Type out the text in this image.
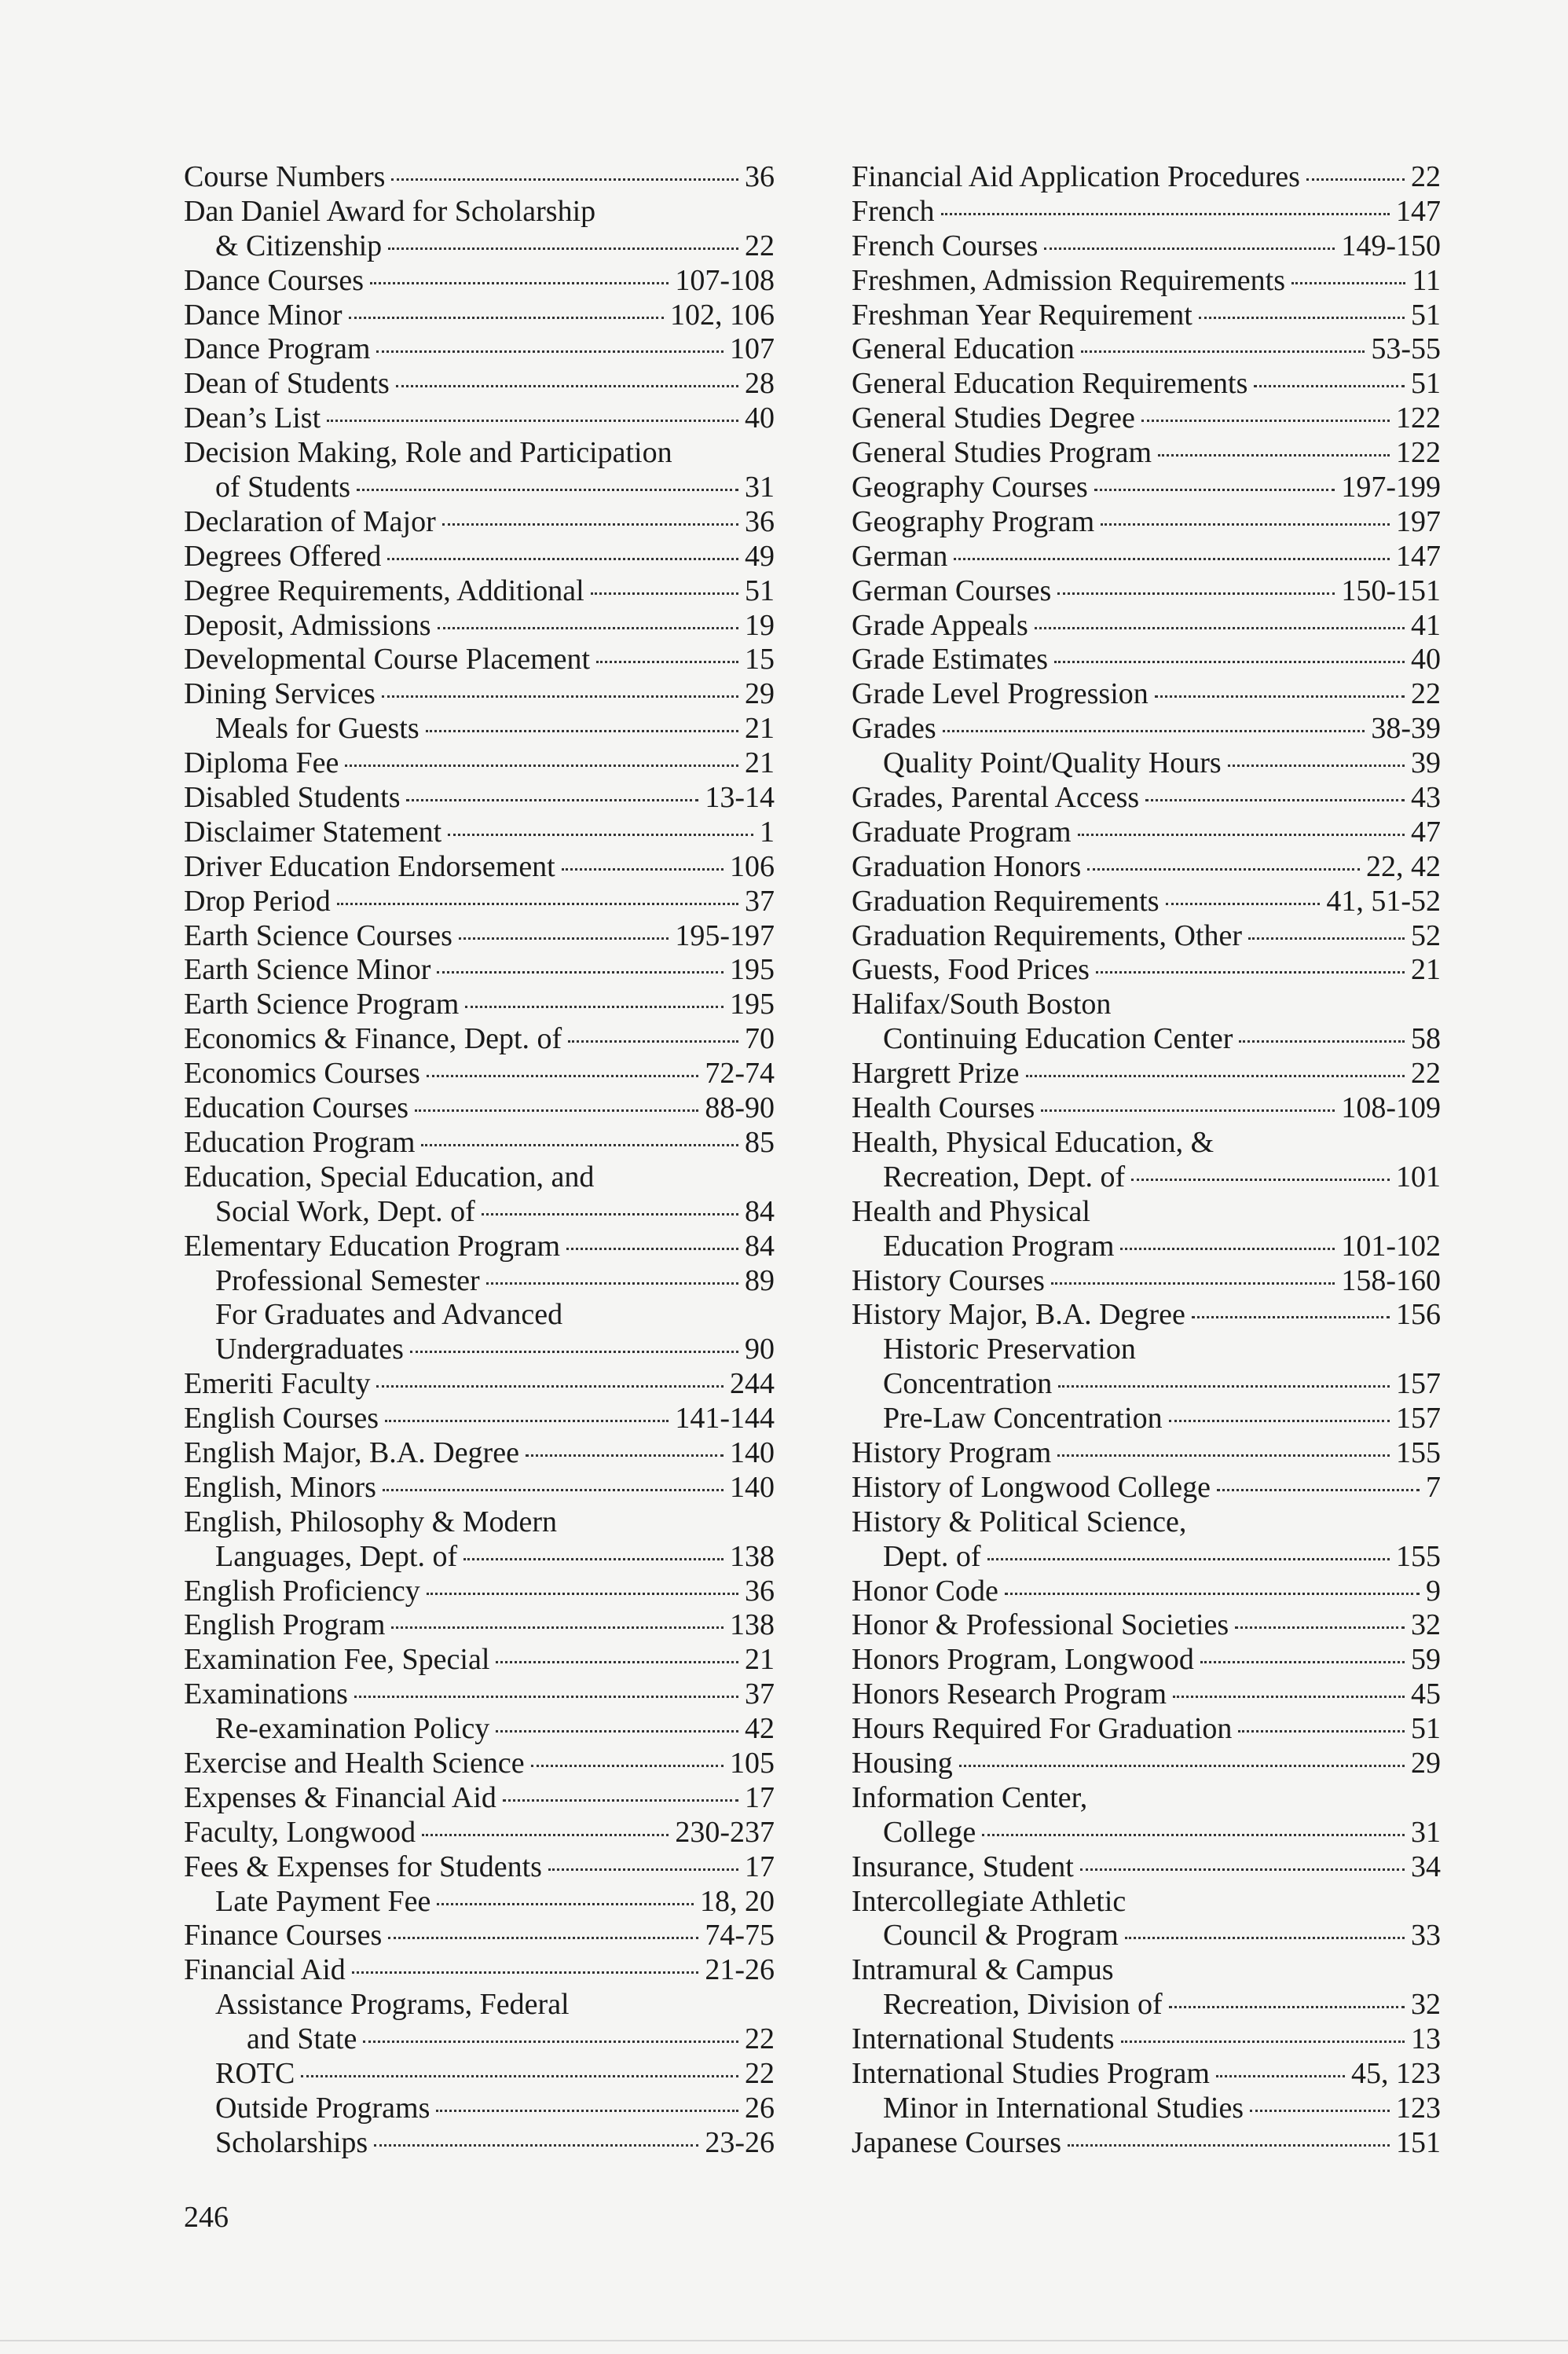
Course Numbers	36
Dan Daniel Award for Scholarship
& Citizenship	22
Dance Courses	107-108
Dance Minor	102, 106
Dance Program	107
Dean of Students	28
Dean’s List	40
Decision Making, Role and Participation
of Students	31
Declaration of Major	36
Degrees Offered	49
Degree Requirements, Additional	51
Deposit, Admissions	19
Developmental Course Placement	15
Dining Services	29
Meals for Guests	21
Diploma Fee	21
Disabled Students	13-14
Disclaimer Statement	1
Driver Education Endorsement	106
Drop Period	37
Earth Science Courses	195-197
Earth Science Minor	195
Earth Science Program	195
Economics & Finance, Dept. of	70
Economics Courses	72-74
Education Courses	88-90
Education Program	85
Education, Special Education, and
Social Work, Dept. of	84
Elementary Education Program	84
Professional Semester	89
For Graduates and Advanced
Undergraduates	90
Emeriti Faculty	244
English Courses	141-144
English Major, B.A. Degree	140
English, Minors	140
English, Philosophy & Modern
Languages, Dept. of	138
English Proficiency	36
English Program	138
Examination Fee, Special	21
Examinations	37
Re-examination Policy	42
Exercise and Health Science	105
Expenses & Financial Aid	17
Faculty, Longwood	230-237
Fees & Expenses for Students	17
Late Payment Fee	18, 20
Finance Courses	74-75
Financial Aid	21-26
Assistance Programs, Federal
and State	22
ROTC	22
Outside Programs	26
Scholarships	23-26
Financial Aid Application Procedures	22
French	147
French Courses	149-150
Freshmen, Admission Requirements	11
Freshman Year Requirement	51
General Education	53-55
General Education Requirements	51
General Studies Degree	122
General Studies Program	122
Geography Courses	197-199
Geography Program	197
German	147
German Courses	150-151
Grade Appeals	41
Grade Estimates	40
Grade Level Progression	22
Grades	38-39
Quality Point/Quality Hours	39
Grades, Parental Access	43
Graduate Program	47
Graduation Honors	22, 42
Graduation Requirements	41, 51-52
Graduation Requirements, Other	52
Guests, Food Prices	21
Halifax/South Boston
Continuing Education Center	58
Hargrett Prize	22
Health Courses	108-109
Health, Physical Education, &
Recreation, Dept. of	101
Health and Physical
Education Program	101-102
History Courses	158-160
History Major, B.A. Degree	156
Historic Preservation
Concentration	157
Pre-Law Concentration	157
History Program	155
History of Longwood College	7
History & Political Science,
Dept. of	155
Honor Code	9
Honor & Professional Societies	32
Honors Program, Longwood	59
Honors Research Program	45
Hours Required For Graduation	51
Housing	29
Information Center,
College	31
Insurance, Student	34
Intercollegiate Athletic
Council & Program	33
Intramural & Campus
Recreation, Division of	32
International Students	13
International Studies Program	45, 123
Minor in International Studies	123
Japanese Courses	151
246
